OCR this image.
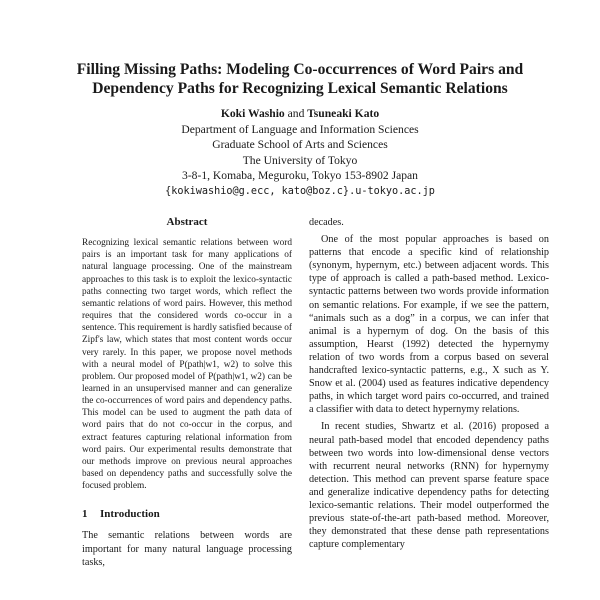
Filling Missing Paths: Modeling Co-occurrences of Word Pairs and Dependency Paths for Recognizing Lexical Semantic Relations
Koki Washio and Tsuneaki Kato
Department of Language and Information Sciences
Graduate School of Arts and Sciences
The University of Tokyo
3-8-1, Komaba, Meguroku, Tokyo 153-8902 Japan
{kokiwashio@g.ecc, kato@boz.c}.u-tokyo.ac.jp
Abstract
Recognizing lexical semantic relations between word pairs is an important task for many applications of natural language processing. One of the mainstream approaches to this task is to exploit the lexico-syntactic paths connecting two target words, which reflect the semantic relations of word pairs. However, this method requires that the considered words co-occur in a sentence. This requirement is hardly satisfied because of Zipf's law, which states that most content words occur very rarely. In this paper, we propose novel methods with a neural model of P(path|w1, w2) to solve this problem. Our proposed model of P(path|w1, w2) can be learned in an unsupervised manner and can generalize the co-occurrences of word pairs and dependency paths. This model can be used to augment the path data of word pairs that do not co-occur in the corpus, and extract features capturing relational information from word pairs. Our experimental results demonstrate that our methods improve on previous neural approaches based on dependency paths and successfully solve the focused problem.
1 Introduction

The semantic relations between words are important for many natural language processing tasks,

decades.

One of the most popular approaches is based on patterns that encode a specific kind of relationship (synonym, hypernym, etc.) between adjacent words. This type of approach is called a path-based method. Lexico-syntactic patterns between two words provide information on semantic relations. For example, if we see the pattern, “animals such as a dog” in a corpus, we can infer that animal is a hypernym of dog. On the basis of this assumption, Hearst (1992) detected the hypernymy relation of two words from a corpus based on several handcrafted lexico-syntactic patterns, e.g., X such as Y. Snow et al. (2004) used as features indicative dependency paths, in which target word pairs co-occurred, and trained a classifier with data to detect hypernymy relations.

In recent studies, Shwartz et al. (2016) proposed a neural path-based model that encoded dependency paths between two words into low-dimensional dense vectors with recurrent neural networks (RNN) for hypernymy detection. This method can prevent sparse feature space and generalize indicative dependency paths for detecting lexico-semantic relations. Their model outperformed the previous state-of-the-art path-based method. Moreover, they demonstrated that these dense path representations capture complementary
